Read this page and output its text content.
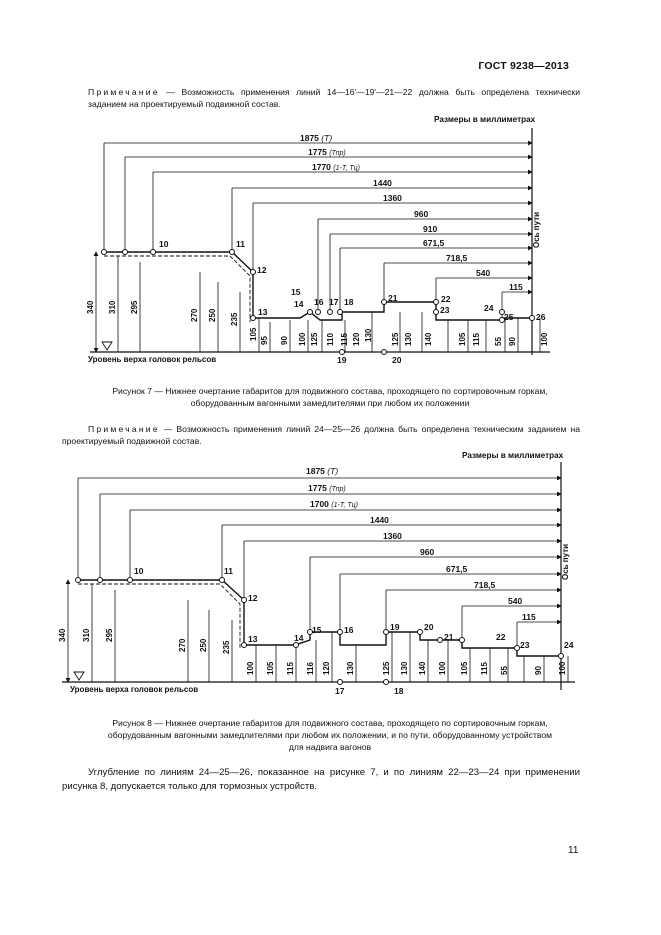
ГОСТ 9238—2013
Примечание — Возможность применения линий 14—16'—19'—21—22 должна быть определена технически заданием на проектируемый подвижной состав.
Размеры в миллиметрах
1875 (Т)
1775 (Тпр)
1770 (1-Т, Тц)
1440
1360
960
910
671,5
718,5
540
115
Ось пути
340 310 295
270 250 235
105 95 90 100 125 110 115 120 130 125 130 140	105 115 55 90	100
10	11
12
13
14
15
16 17 18
19	20
21	22
23	24
25	26
Уровень верха головок рельсов
Рисунок 7 — Нижнее очертание габаритов для подвижного состава, проходящего по сортировочным горкам,
оборудованным вагонными замедлителями при любом их положении
Примечание — Возможность применения линий 24—25—26 должна быть определена техническим заданием на проектируемый подвижной состав.
Размеры в миллиметрах
1875 (Т)
1775 (Тпр)
1700 (1-Т, Тц)
1440
1360
960
671,5
718,5
540
115
Ось пути
340 310 295
270 250 235
100 105 115 116 120 130	125 130 140 100 105 115 55	90 100
10	11
12
13	14
15	16
17	18
19	20
21	22
23	24
Уровень верха головок рельсов
Рисунок 8 — Нижнее очертание габаритов для подвижного состава, проходящего по сортировочным горкам,
оборудованным вагонными замедлителями при любом их положении, и по пути, оборудованному устройством
для надвига вагонов
Углубление по линиям 24—25—26, показанное на рисунке 7, и по линиям 22—23—24 при применении рисунка 8, допускается только для тормозных устройств.
11
